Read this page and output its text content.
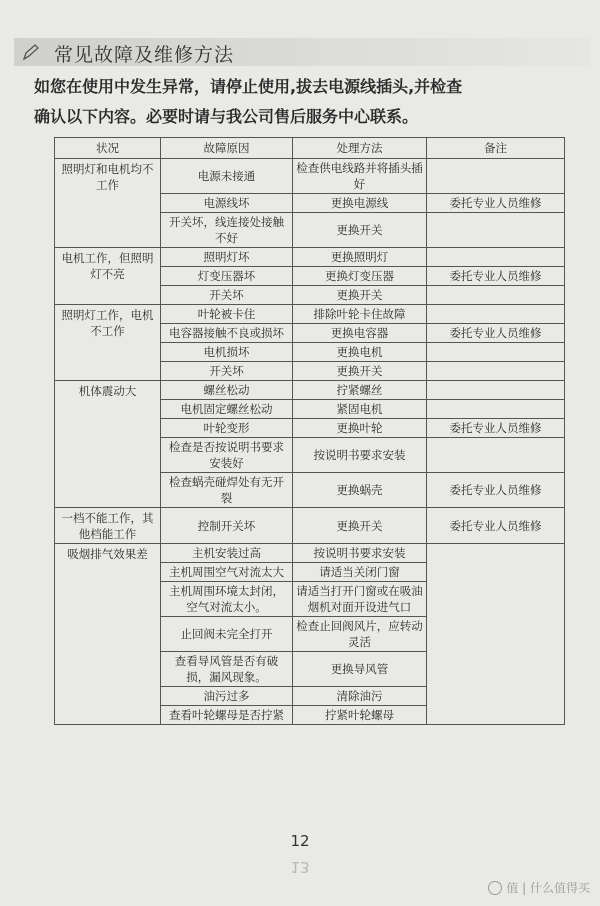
常见故障及维修方法
如您在使用中发生异常，请停止使用,拔去电源线插头,并检查
确认以下内容。必要时请与我公司售后服务中心联系。
状况	故障原因	处理方法	备注
照明灯和电机均不工作	电源未接通	检查供电线路并将插头插好	
	电源线坏	更换电源线	委托专业人员维修
	开关坏，线连接处接触不好	更换开关	
电机工作，但照明灯不亮	照明灯坏	更换照明灯	
	灯变压器坏	更换灯变压器	委托专业人员维修
	开关坏	更换开关	
照明灯工作，电机不工作	叶轮被卡住	排除叶轮卡住故障	
	电容器接触不良或损坏	更换电容器	委托专业人员维修
	电机损坏	更换电机	
	开关坏	更换开关	
机体震动大	螺丝松动	拧紧螺丝	
	电机固定螺丝松动	紧固电机	
	叶轮变形	更换叶轮	委托专业人员维修
	检查是否按说明书要求安装好	按说明书要求安装	
	检查蜗壳碰焊处有无开裂	更换蜗壳	委托专业人员维修
一档不能工作，其他档能工作	控制开关坏	更换开关	委托专业人员维修
吸烟排气效果差	主机安装过高	按说明书要求安装	
	主机周围空气对流太大	请适当关闭门窗	
	主机周围环境太封闭，空气对流太小。	请适当打开门窗或在吸油烟机对面开设进气口	
	止回阀未完全打开	检查止回阀风片，应转动灵活	
	查看导风管是否有破损，漏风现象。	更换导风管	
	油污过多	清除油污	
	查看叶轮螺母是否拧紧	拧紧叶轮螺母	
12
13
值 | 什么值得买
